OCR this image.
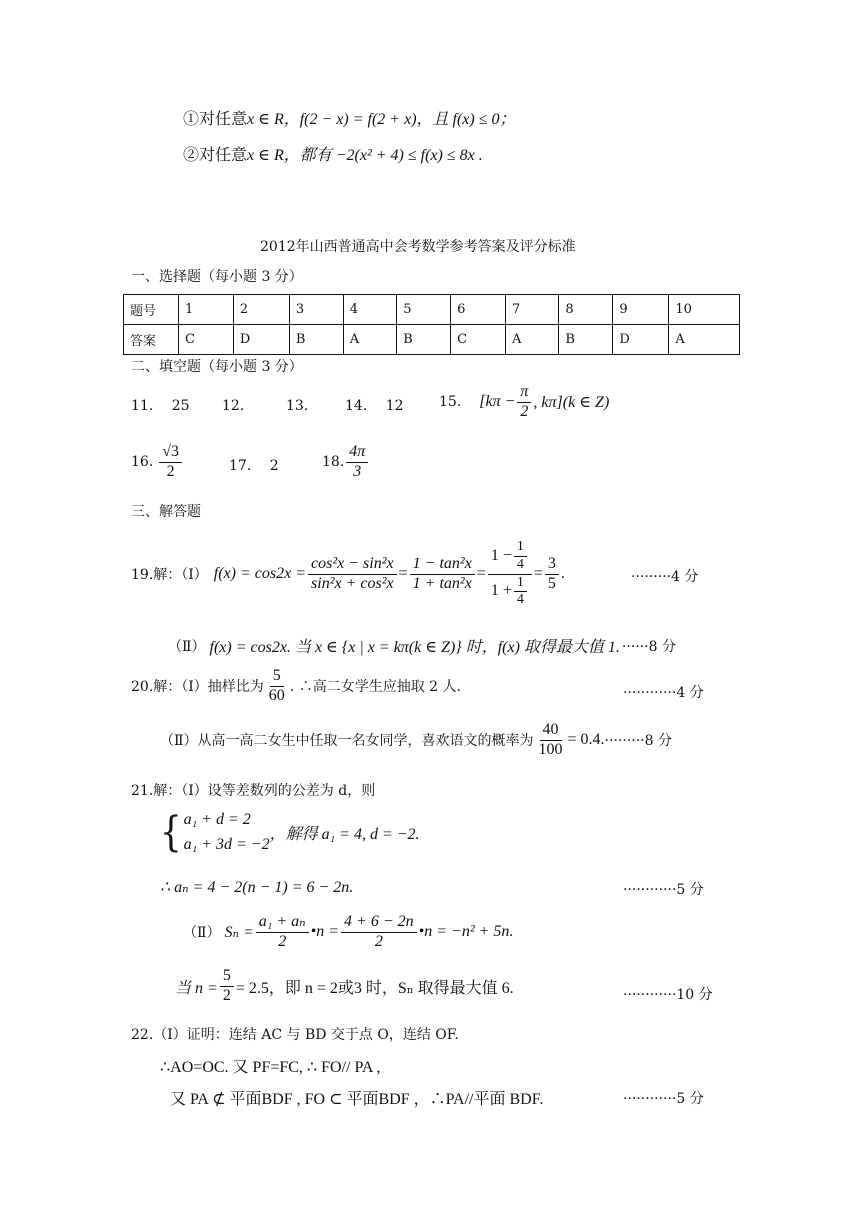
①对任意x ∈ R，f(2 − x) = f(2 + x)，且 f(x) ≤ 0；
②对任意x ∈ R，都有 −2(x² + 4) ≤ f(x) ≤ 8x .
2012年山西普通高中会考数学参考答案及评分标准
一、选择题（每小题 3 分）
题号	1	2	3	4	5	6	7	8	9	10
答案	C	D	B	A	B	C	A	B	D	A
二、填空题（每小题 3 分）
11. 25 12.	13.	14. 12	15. [$k\pi - \frac{\pi}{2}$ , kπ](k ∈ Z)
16. $\frac{√3}{2}$	17. 2	18. $\frac{4\pi}{3}$
三、解答题
19.解：（Ⅰ） $f(x) = \cos 2x = \frac{\text{cos²x − sin²x}}{\text{sin²x + cos²x}} = \frac{\text{1 − tan²x}}{\text{1 + tan²x}} = \frac{1 - \frac{1}{4}}{1 + \frac{1}{4}} = \frac{3}{5}$ .	·········4 分
（Ⅱ） f(x) = cos2x. 当 x ∈ {x | x = kπ(k ∈ Z)} 时，f(x) 取得最大值 1. ······8 分
20.解：（Ⅰ）抽样比为 $\frac{5}{60}$ . ∴高二女学生应抽取 2 人.	············4 分
（Ⅱ）从高一高二女生中任取一名女同学，喜欢语文的概率为 $\frac{40}{100} = 0.4$. ·········8 分
21.解：（Ⅰ）设等差数列的公差为 d，则
{ a₁ + d = 2
a₁ + 3d = −2
，解得 a₁ = 4, d = −2.
∴ aₙ = 4 − 2(n − 1) = 6 − 2n.	············5 分
（Ⅱ） $S_n = \frac{\text{a₁ + aₙ}}{2}$ •n = $\frac{4 + 6 - 2n}{2}$ •n = −n² + 5n.
当 $n = \frac{5}{2} = 2.5$，即 n = 2或3 时，Sₙ 取得最大值 6.	············10 分
22.（Ⅰ）证明：连结 AC 与 BD 交于点 O，连结 OF.
∴AO=OC. 又 PF=FC, ∴ FO// PA ,
又 PA ⊄ 平面BDF , FO ⊂ 平面BDF ，∴PA//平面 BDF.	············5 分
